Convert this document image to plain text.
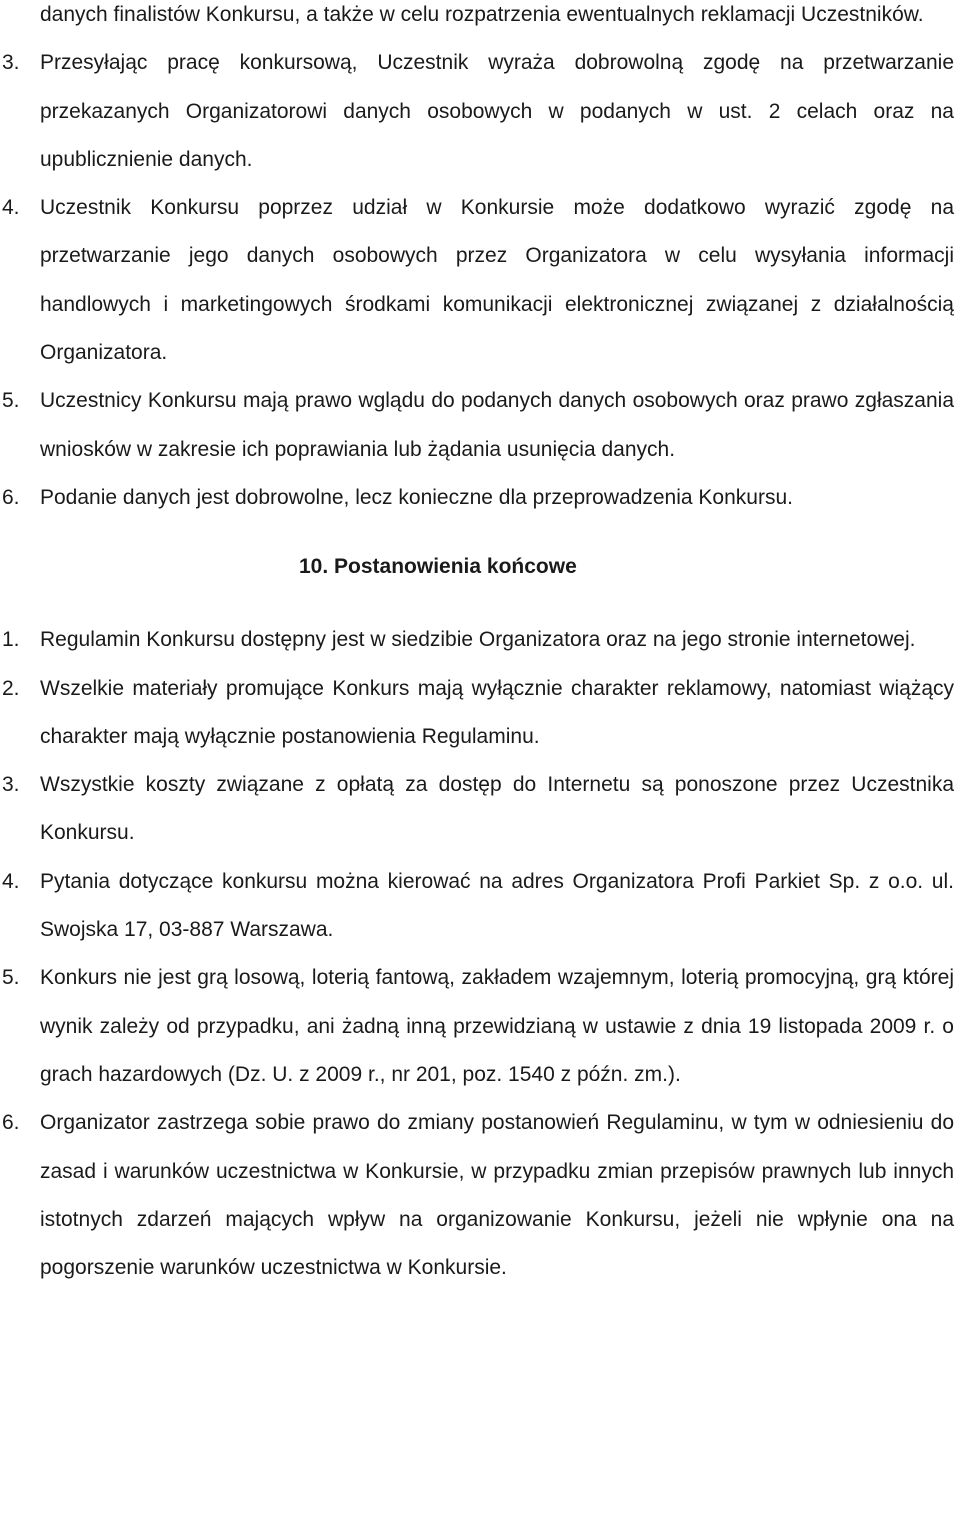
danych finalistów Konkursu, a także w celu rozpatrzenia ewentualnych reklamacji Uczestników.
3. Przesyłając pracę konkursową, Uczestnik wyraża dobrowolną zgodę na przetwarzanie przekazanych Organizatorowi danych osobowych w podanych w ust. 2 celach oraz na upublicznienie danych.
4. Uczestnik Konkursu poprzez udział w Konkursie może dodatkowo wyrazić zgodę na przetwarzanie jego danych osobowych przez Organizatora w celu wysyłania informacji handlowych i marketingowych środkami komunikacji elektronicznej związanej z działalnością Organizatora.
5. Uczestnicy Konkursu mają prawo wglądu do podanych danych osobowych oraz prawo zgłaszania wniosków w zakresie ich poprawiania lub żądania usunięcia danych.
6. Podanie danych jest dobrowolne, lecz konieczne dla przeprowadzenia Konkursu.
10. Postanowienia końcowe
1. Regulamin Konkursu dostępny jest w siedzibie Organizatora oraz na jego stronie internetowej.
2. Wszelkie materiały promujące Konkurs mają wyłącznie charakter reklamowy, natomiast wiążący charakter mają wyłącznie postanowienia Regulaminu.
3. Wszystkie koszty związane z opłatą za dostęp do Internetu są ponoszone przez Uczestnika Konkursu.
4. Pytania dotyczące konkursu można kierować na adres Organizatora Profi Parkiet Sp. z o.o. ul. Swojska 17, 03-887 Warszawa.
5. Konkurs nie jest grą losową, loterią fantową, zakładem wzajemnym, loterią promocyjną, grą której wynik zależy od przypadku, ani żadną inną przewidzianą w ustawie z dnia 19 listopada 2009 r. o grach hazardowych (Dz. U. z 2009 r., nr 201, poz. 1540 z późn. zm.).
6. Organizator zastrzega sobie prawo do zmiany postanowień Regulaminu, w tym w odniesieniu do zasad i warunków uczestnictwa w Konkursie, w przypadku zmian przepisów prawnych lub innych istotnych zdarzeń mających wpływ na organizowanie Konkursu, jeżeli nie wpłynie ona na pogorszenie warunków uczestnictwa w Konkursie.
